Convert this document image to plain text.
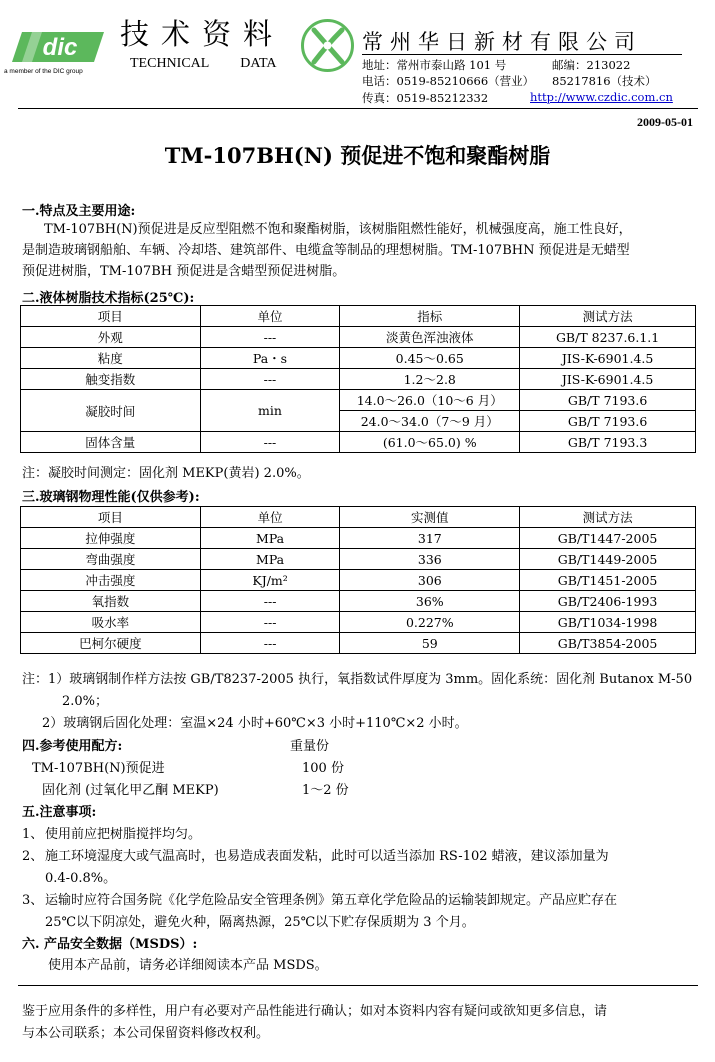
dic
a member of the DIC group
技术资料
TECHNICAL DATA
常州华日新材有限公司
地址：常州市泰山路 101 号	邮编：213022
电话：0519-85210666（营业） 85217816（技术）
传真：0519-85212332	http://www.czdic.com.cn
2009-05-01
TM-107BH(N) 预促进不饱和聚酯树脂
一.特点及主要用途:
TM-107BH(N)预促进是反应型阻燃不饱和聚酯树脂，该树脂阻燃性能好，机械强度高，施工性良好，
是制造玻璃钢船舶、车辆、冷却塔、建筑部件、电缆盒等制品的理想树脂。TM-107BHN 预促进是无蜡型
预促进树脂，TM-107BH 预促进是含蜡型预促进树脂。
二.液体树脂技术指标(25℃):
项目	单位	指标	测试方法
外观	---	淡黄色浑浊液体	GB/T 8237.6.1.1
粘度	Pa・s	0.45～0.65	JIS-K-6901.4.5
触变指数	---	1.2～2.8	JIS-K-6901.4.5
凝胶时间	min	14.0～26.0（10～6 月）	GB/T 7193.6
		24.0～34.0（7～9 月）	GB/T 7193.6
固体含量	---	(61.0～65.0) %	GB/T 7193.3
注：凝胶时间测定：固化剂 MEKP(黄岩) 2.0%。
三.玻璃钢物理性能(仅供参考):
项目	单位	实测值	测试方法
拉伸强度	MPa	317	GB/T1447-2005
弯曲强度	MPa	336	GB/T1449-2005
冲击强度	KJ/m²	306	GB/T1451-2005
氧指数	---	36%	GB/T2406-1993
吸水率	---	0.227%	GB/T1034-1998
巴柯尔硬度	---	59	GB/T3854-2005
注：1）玻璃钢制作样方法按 GB/T8237-2005 执行，氧指数试件厚度为 3mm。固化系统：固化剂 Butanox M-50
2.0%；
2）玻璃钢后固化处理：室温×24 小时+60℃×3 小时+110℃×2 小时。
四.参考使用配方:	重量份
TM-107BH(N)预促进	100 份
固化剂 (过氧化甲乙酮 MEKP)	1～2 份
五.注意事项:
1、 使用前应把树脂搅拌均匀。
2、 施工环境湿度大或气温高时，也易造成表面发粘，此时可以适当添加 RS-102 蜡液，建议添加量为
0.4-0.8%。
3、 运输时应符合国务院《化学危险品安全管理条例》第五章化学危险品的运输装卸规定。产品应贮存在
25℃以下阴凉处，避免火种，隔离热源，25℃以下贮存保质期为 3 个月。
六. 产品安全数据（MSDS）:
使用本产品前，请务必详细阅读本产品 MSDS。
鉴于应用条件的多样性，用户有必要对产品性能进行确认；如对本资料内容有疑问或欲知更多信息，请
与本公司联系；本公司保留资料修改权利。
